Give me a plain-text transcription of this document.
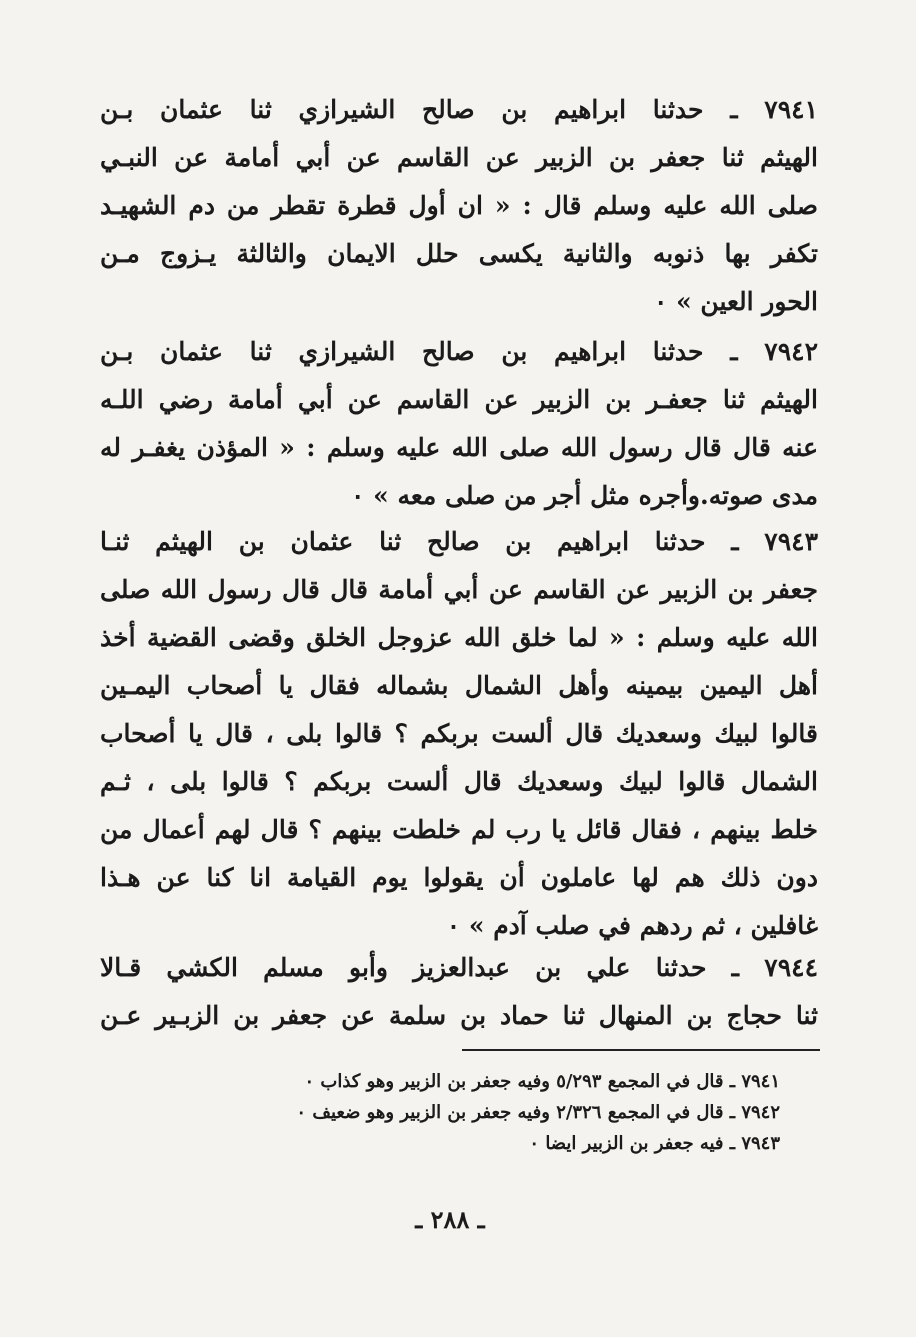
٧٩٤١ ـ حدثنا ابراهيم بن صالح الشيرازي ثنا عثمان بـن
الهيثم ثنا جعفر بن الزبير عن القاسم عن أبي أمامة عن النبـي
صلى الله عليه وسلم قال : « ان أول قطرة تقطر من دم الشهيـد
تكفر بها ذنوبه والثانية يكسى حلل الايمان والثالثة يـزوج مـن
الحور العين » ٠
٧٩٤٢ ـ حدثنا ابراهيم بن صالح الشيرازي ثنا عثمان بـن
الهيثم ثنا جعفـر بن الزبير عن القاسم عن أبي أمامة رضي اللـه
عنه قال قال رسول الله صلى الله عليه وسلم : « المؤذن يغفـر له
مدى صوته.وأجره مثل أجر من صلى معه » ٠
٧٩٤٣ ـ حدثنا ابراهيم بن صالح ثنا عثمان بن الهيثم ثنـا
جعفر بن الزبير عن القاسم عن أبي أمامة قال قال رسول الله صلى
الله عليه وسلم : « لما خلق الله عزوجل الخلق وقضى القضية أخذ
أهل اليمين بيمينه وأهل الشمال بشماله فقال يا أصحاب اليمـين
قالوا لبيك وسعديك قال ألست بربكم ؟ قالوا بلى ، قال يا أصحاب
الشمال قالوا لبيك وسعديك قال ألست بربكم ؟ قالوا بلى ، ثـم
خلط بينهم ، فقال قائل يا رب لم خلطت بينهم ؟ قال لهم أعمال من
دون ذلك هم لها عاملون أن يقولوا يوم القيامة انا كنا عن هـذا
غافلين ، ثم ردهم في صلب آدم » ٠
٧٩٤٤ ـ حدثنا علي بن عبدالعزيز وأبو مسلم الكشي قـالا
ثنا حجاج بن المنهال ثنا حماد بن سلمة عن جعفر بن الزبـير عـن
٧٩٤١ ـ قال في المجمع ٥/٢٩٣ وفيه جعفر بن الزبير وهو كذاب ٠
٧٩٤٢ ـ قال في المجمع ٢/٣٢٦ وفيه جعفر بن الزبير وهو ضعيف ٠
٧٩٤٣ ـ فيه جعفر بن الزبير ايضا ٠
ـ ٢٨٨ ـ
